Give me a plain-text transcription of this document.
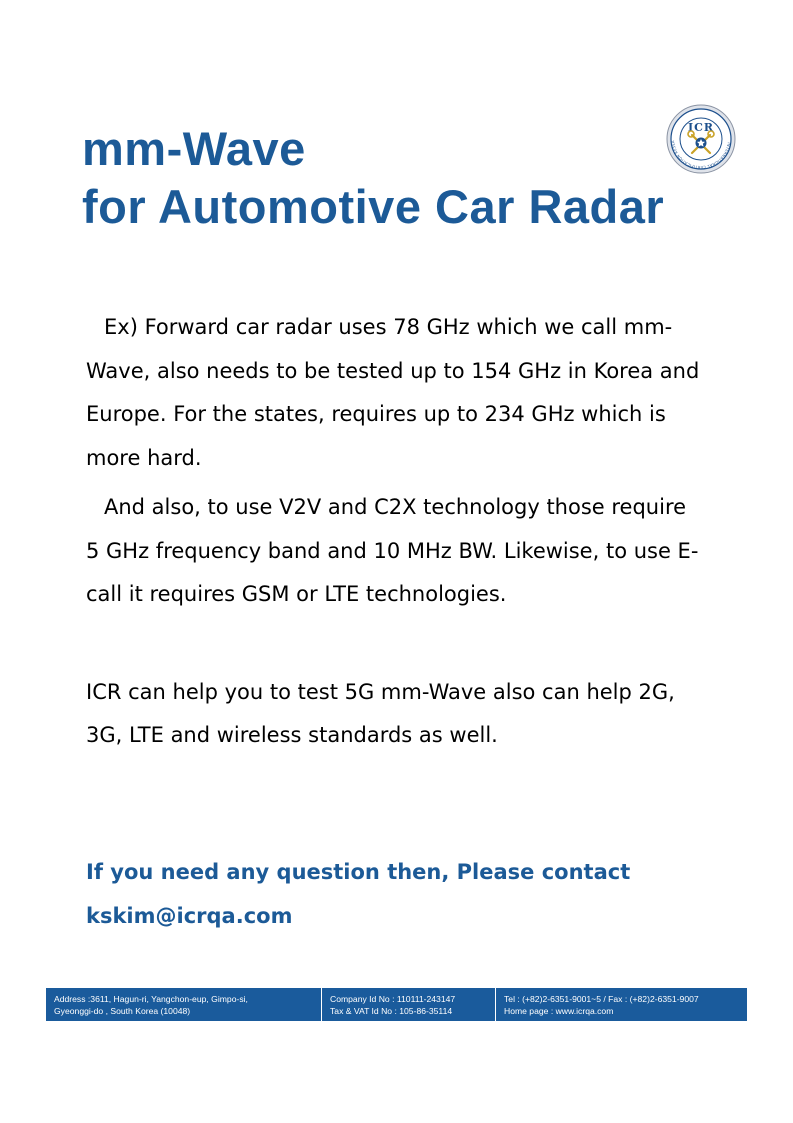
mm-Wave
for Automotive Car Radar
INTERNATIONAL CERTIFICATION RESEA
ICR

Ex) Forward car radar uses 78 GHz which we call mm-Wave, also needs to be tested up to 154 GHz in Korea and Europe. For the states, requires up to 234 GHz which is more hard.

And also, to use V2V and C2X technology those require 5 GHz frequency band and 10 MHz BW. Likewise, to use E-call it requires GSM or LTE technologies.

ICR can help you to test 5G mm-Wave also can help 2G, 3G, LTE and wireless standards as well.

If you need any question then, Please contact
kskim@icrqa.com
Address :3611, Hagun-ri, Yangchon-eup, Gimpo-si,
Gyeonggi-do , South Korea (10048)
Company Id No : 110111-243147
Tax & VAT Id No : 105-86-35114
Tel : (+82)2-6351-9001~5 / Fax : (+82)2-6351-9007
Home page : www.icrqa.com
